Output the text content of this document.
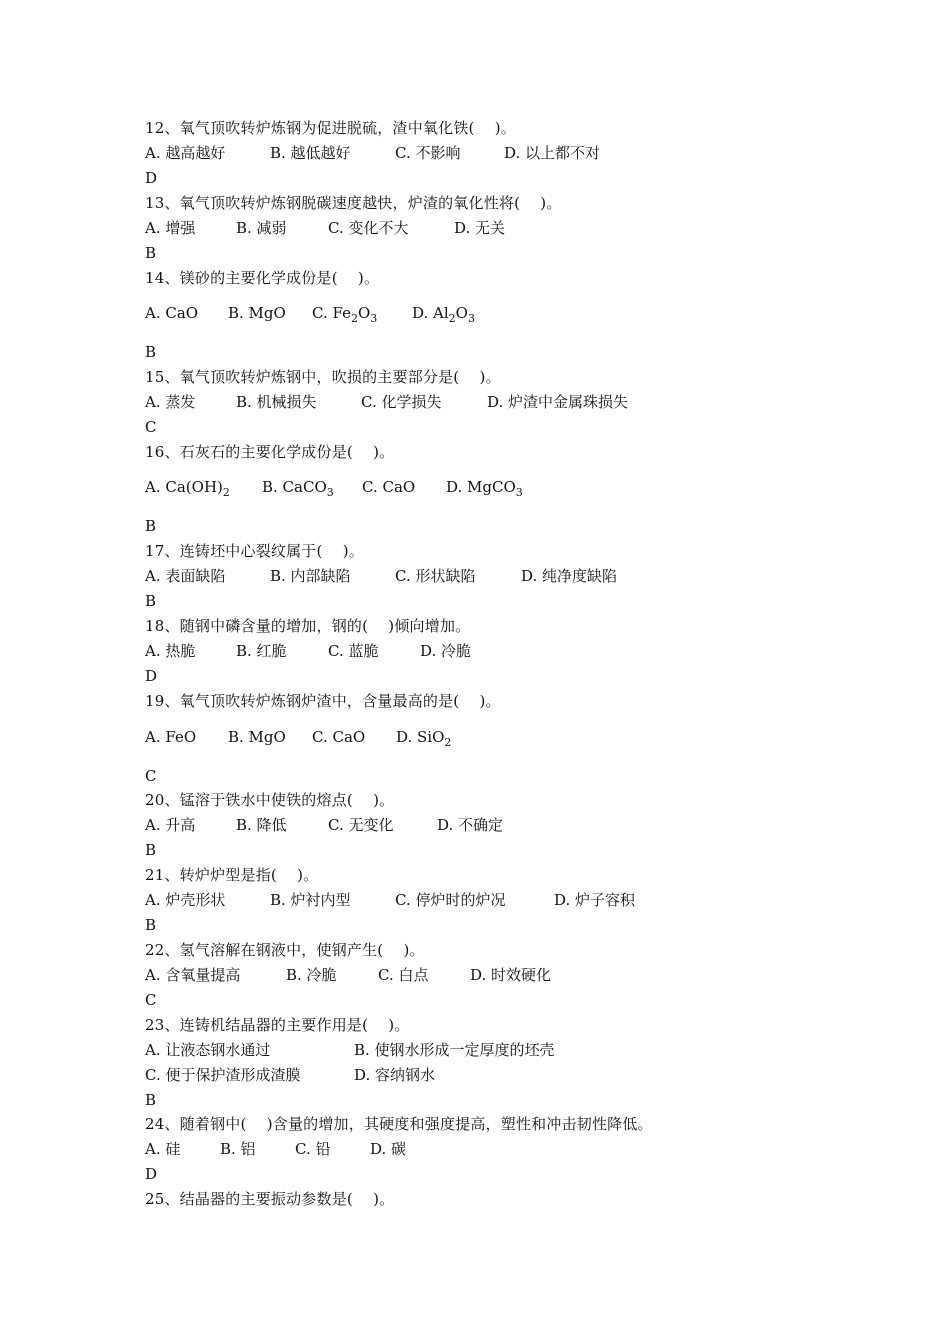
12、氧气顶吹转炉炼钢为促进脱硫，渣中氧化铁(　 )。
A. 越高越好	B. 越低越好	C. 不影响	D. 以上都不对
D
13、氧气顶吹转炉炼钢脱碳速度越快，炉渣的氧化性将(　 )。
A. 增强	B. 减弱	C. 变化不大	D. 无关
B
14、镁砂的主要化学成份是(　 )。
A. CaO B. MgO C. $Fe_2O_3$ D. $Al_2O_3$
B
15、氧气顶吹转炉炼钢中，吹损的主要部分是(　 )。
A. 蒸发	B. 机械损失	C. 化学损失	D. 炉渣中金属珠损失
C
16、石灰石的主要化学成份是(　 )。
A. $Ca(OH)_2$ B. CaCO$_3$ C. CaO D. MgCO$_3$
B
17、连铸坯中心裂纹属于(　 )。
A. 表面缺陷	B. 内部缺陷	C. 形状缺陷	D. 纯净度缺陷
B
18、随钢中磷含量的增加，钢的(　 )倾向增加。
A. 热脆	B. 红脆	C. 蓝脆	D. 冷脆
D
19、氧气顶吹转炉炼钢炉渣中，含量最高的是(　 )。
A. FeO B. MgO C. CaO D. SiO$_2$
C
20、锰溶于铁水中使铁的熔点(　 )。
A. 升高	B. 降低	C. 无变化	D. 不确定
B
21、转炉炉型是指(　 )。
A. 炉壳形状	B. 炉衬内型	C. 停炉时的炉况	D. 炉子容积
B
22、氢气溶解在钢液中，使钢产生(　 )。
A. 含氧量提高	B. 冷脆	C. 白点	D. 时效硬化
C
23、连铸机结晶器的主要作用是(　 )。
A. 让液态钢水通过	B. 使钢水形成一定厚度的坯壳
C. 便于保护渣形成渣膜	D. 容纳钢水
B
24、随着钢中(　 )含量的增加，其硬度和强度提高，塑性和冲击韧性降低。
A. 硅	B. 铝	C. 铅	D. 碳
D
25、结晶器的主要振动参数是(　 )。
